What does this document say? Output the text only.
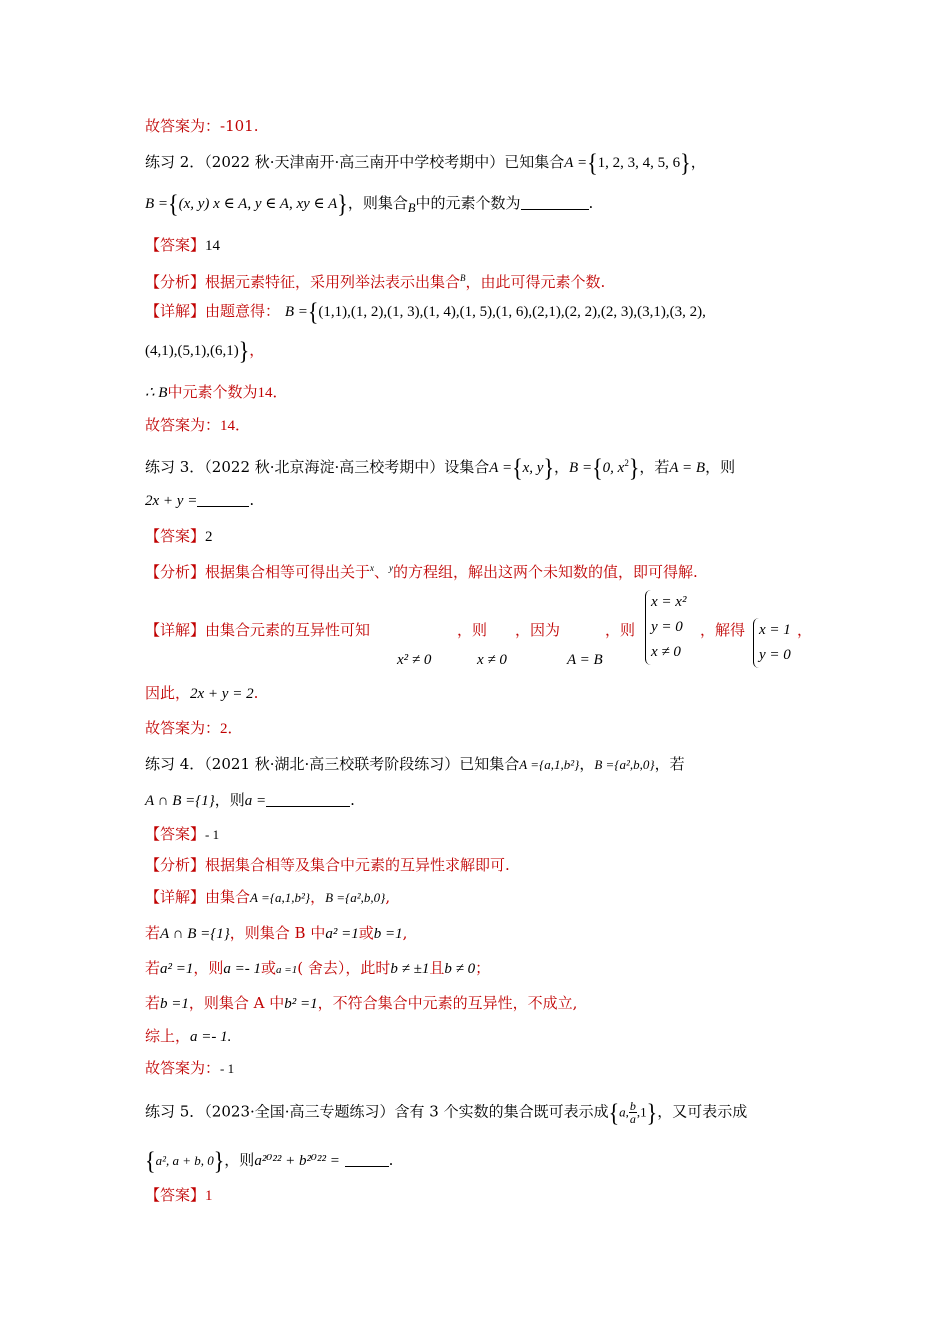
故答案为：-101.
练习 2．（2022 秋·天津南开·高三南开中学校考期中）已知集合A ={1, 2, 3, 4, 5, 6}，
B ={(x, y) x ∈ A, y ∈ A, xy ∈ A}，则集合$_B$中的元素个数为	.
【答案】14
【分析】根据元素特征，采用列举法表示出集合$^B$，由此可得元素个数.
【详解】由题意得： B ={(1,1),(1, 2),(1, 3),(1, 4),(1, 5),(1, 6),(2,1),(2, 2),(2, 3),(3,1),(3, 2),
(4,1),(5,1),(6,1)}，
∴ B中元素个数为14．
故答案为：14．
练习 3．（2022 秋·北京海淀·高三校考期中）设集合A ={x, y}，B ={0, $x^2$}，若A = B，则
2x + y =	.
【答案】2
【分析】根据集合相等可得出关于$^x$、$^y$的方程组，解出这两个未知数的值，即可得解.
【详解】由集合元素的互异性可知	，则 ，因为	，则
x² ≠ 0	x ≠ 0	A = B
x = x²
y = 0
x ≠ 0
，解得 x = 1
y = 0
，
因此，2x + y = 2.
故答案为：2．
练习 4．（2021 秋·湖北·高三校联考阶段练习）已知集合A ={a,1,b²}，B ={a²,b,0}，若
A ∩ B ={1}，则a =	.
【答案】- 1
【分析】根据集合相等及集合中元素的互异性求解即可.
【详解】由集合A ={a,1,b²}，B ={a²,b,0},
若A ∩ B ={1}，则集合 B 中a² =1或b =1,
若a² =1，则a =- 1或a =1( 舍去），此时b ≠ ±1且b ≠ 0；
若b =1，则集合 A 中b² =1，不符合集合中元素的互异性，不成立,
综上，a =- 1.
故答案为：- 1
练习 5．（2023·全国·高三专题练习）含有 3 个实数的集合既可表示成{a, $\frac{b}{a} ,1$}，又可表示成
{a², a + b, 0}，则a²⁰²² + b²⁰²² =	.
【答案】1
